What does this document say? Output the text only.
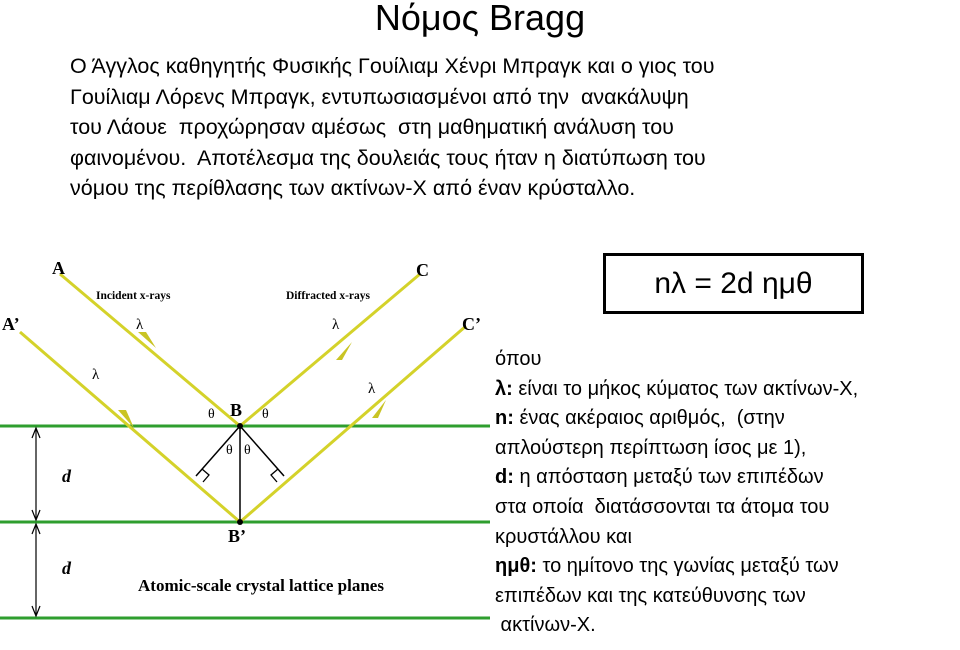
Νόμος Bragg
Ο Άγγλος καθηγητής Φυσικής Γουίλιαμ Χένρι Μπραγκ και ο γιος του
Γουίλιαμ Λόρενς Μπραγκ, εντυπωσιασμένοι από την  ανακάλυψη
του Λάουε  προχώρησαν αμέσως  στη μαθηματική ανάλυση του
φαινομένου.  Αποτέλεσμα της δουλειάς τους ήταν η διατύπωση του
νόμου της περίθλασης των ακτίνων-Χ από έναν κρύσταλλο.
A
A’
C
C’
B
B’
Incident x-rays	Diffracted x-rays
λ
λ
λ
λ
θ	θ
θ θ
d
d
Atomic-scale crystal lattice planes
nλ = 2d ημθ
όπου
λ: είναι το μήκος κύματος των ακτίνων-Χ,
n: ένας ακέραιος αριθμός,  (στην
απλούστερη περίπτωση ίσος με 1),
d: η απόσταση μεταξύ των επιπέδων
στα οποία  διατάσσονται τα άτομα του
κρυστάλλου και
ημθ: το ημίτονο της γωνίας μεταξύ των
επιπέδων και της κατεύθυνσης των
ακτίνων-Χ.
